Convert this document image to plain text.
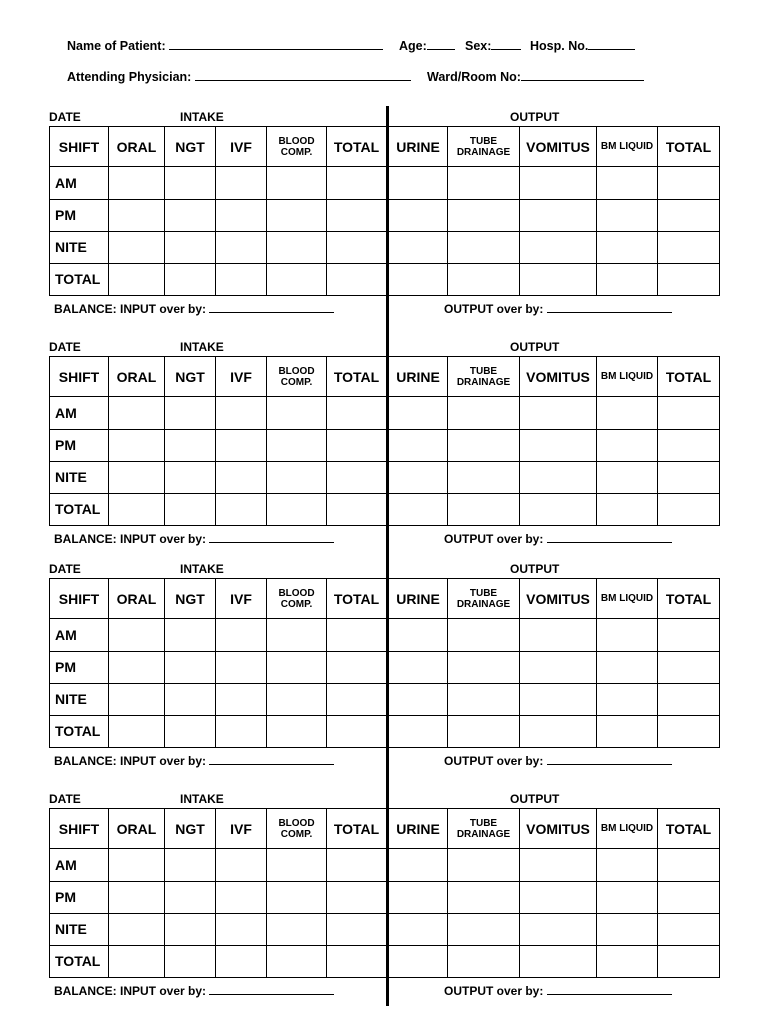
Name of Patient:	Age:	Sex:	Hosp. No.
Attending Physician:	Ward/Room No:
DATE	INTAKE	OUTPUT
SHIFT	ORAL	NGT	IVF	BLOOD COMP.	TOTAL	URINE	TUBE DRAINAGE	VOMITUS	BM LIQUID	TOTAL
AM										
PM										
NITE										
TOTAL										
BALANCE: INPUT over by:	OUTPUT over by:
DATE	INTAKE	OUTPUT
SHIFT	ORAL	NGT	IVF	BLOOD COMP.	TOTAL	URINE	TUBE DRAINAGE	VOMITUS	BM LIQUID	TOTAL
AM										
PM										
NITE										
TOTAL										
BALANCE: INPUT over by:	OUTPUT over by:
DATE	INTAKE	OUTPUT
SHIFT	ORAL	NGT	IVF	BLOOD COMP.	TOTAL	URINE	TUBE DRAINAGE	VOMITUS	BM LIQUID	TOTAL
AM										
PM										
NITE										
TOTAL										
BALANCE: INPUT over by:	OUTPUT over by:
DATE	INTAKE	OUTPUT
SHIFT	ORAL	NGT	IVF	BLOOD COMP.	TOTAL	URINE	TUBE DRAINAGE	VOMITUS	BM LIQUID	TOTAL
AM										
PM										
NITE										
TOTAL										
BALANCE: INPUT over by:	OUTPUT over by:
